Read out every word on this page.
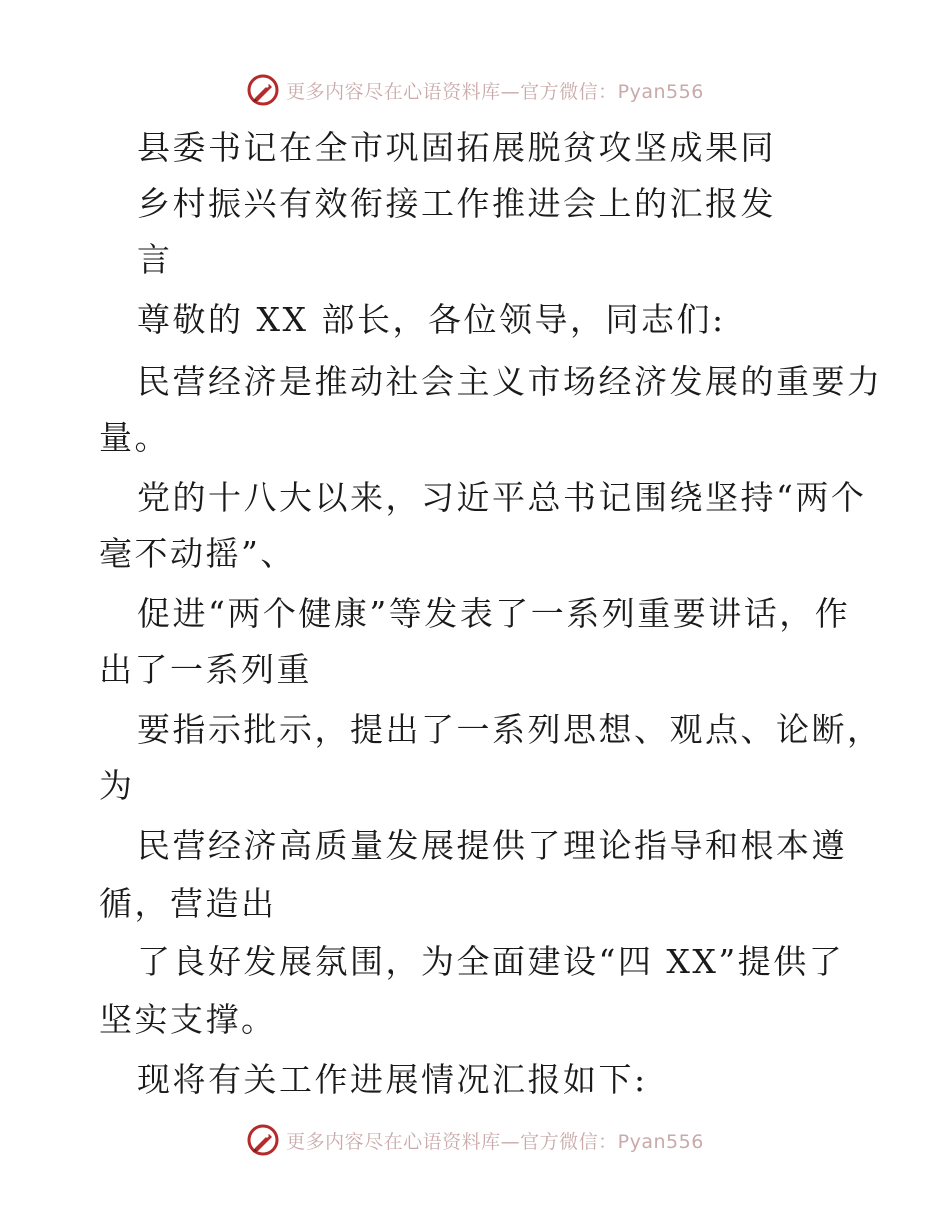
更多内容尽在心语资料库—官方微信：Pyan556
县委书记在全市巩固拓展脱贫攻坚成果同
乡村振兴有效衔接工作推进会上的汇报发
言
尊敬的 XX 部长，各位领导，同志们:
民营经济是推动社会主义市场经济发展的重要力
量。
党的十八大以来，习近平总书记围绕坚持“两个
毫不动摇”、
促进“两个健康”等发表了一系列重要讲话，作
出了一系列重
要指示批示，提出了一系列思想、观点、论断，
为
民营经济高质量发展提供了理论指导和根本遵
循，营造出
了良好发展氛围，为全面建设“四 XX”提供了
坚实支撑。
现将有关工作进展情况汇报如下:
更多内容尽在心语资料库—官方微信：Pyan556
